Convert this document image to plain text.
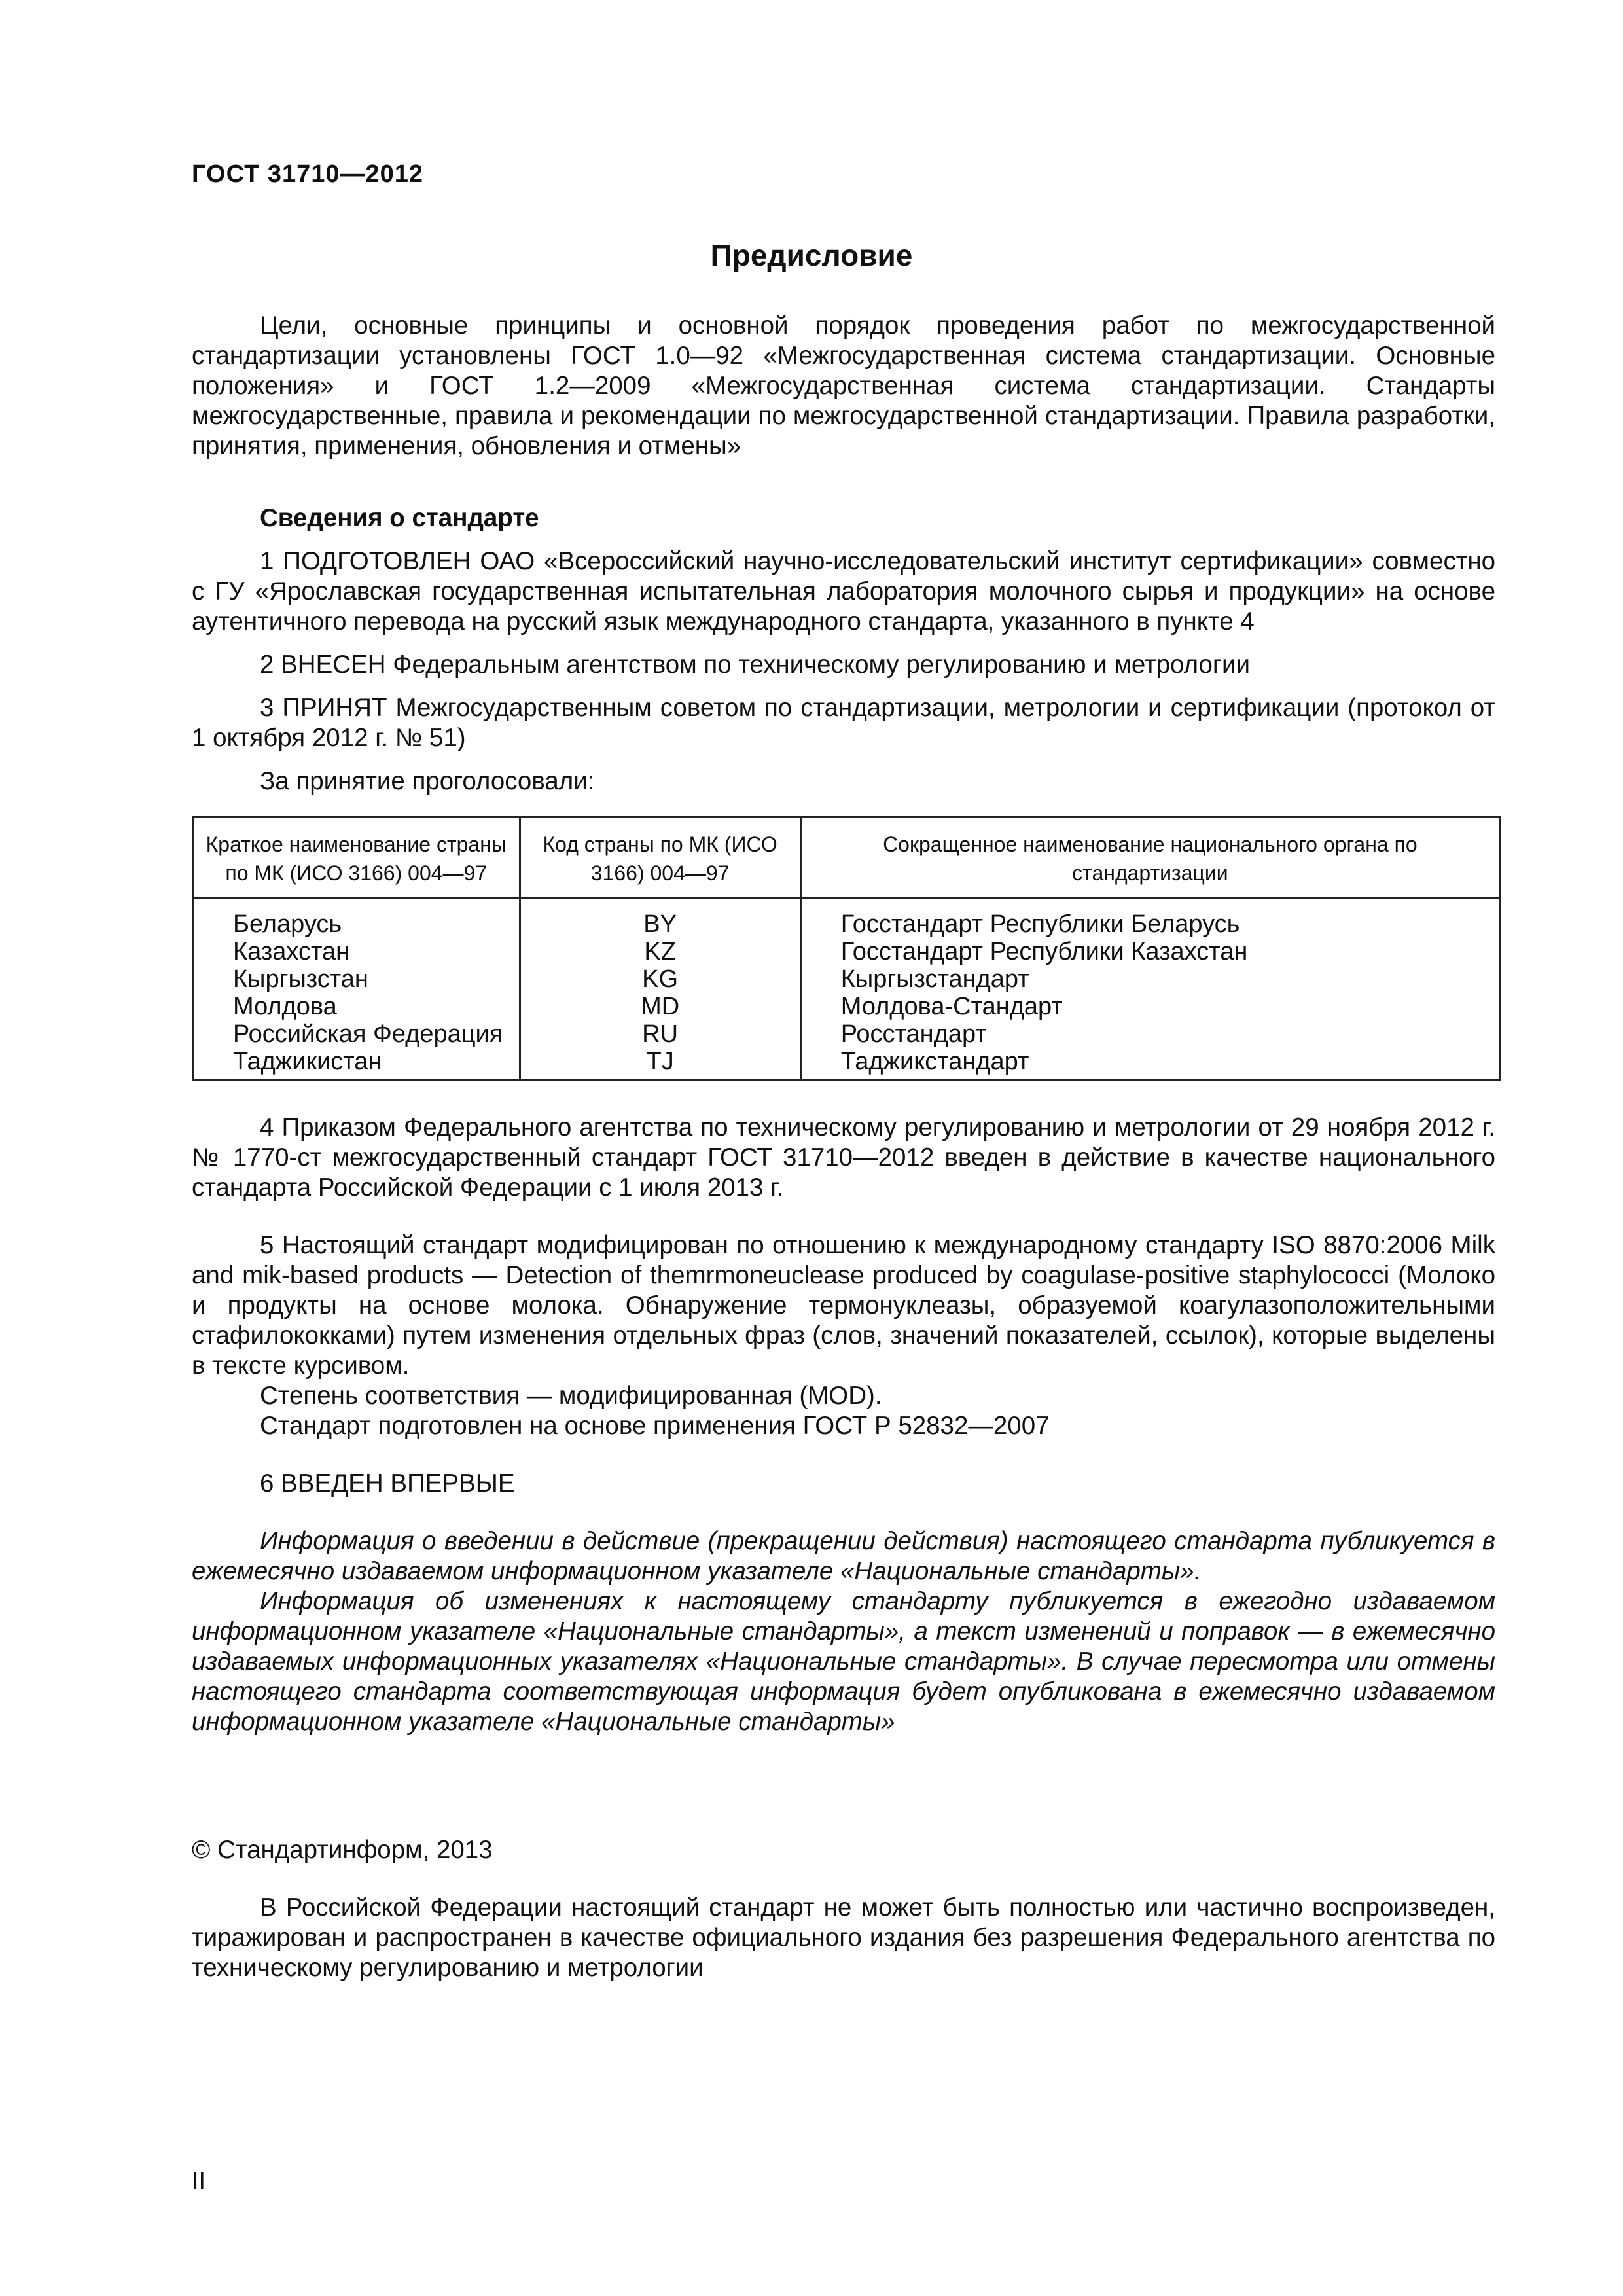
ГОСТ 31710—2012
Предисловие

Цели, основные принципы и основной порядок проведения работ по межгосударственной стандартизации установлены ГОСТ 1.0—92 «Межгосударственная система стандартизации. Основные положения» и ГОСТ 1.2—2009 «Межгосударственная система стандартизации. Стандарты межгосударственные, правила и рекомендации по межгосударственной стандартизации. Правила разработки, принятия, применения, обновления и отмены»

Сведения о стандарте

1 ПОДГОТОВЛЕН ОАО «Всероссийский научно-исследовательский институт сертификации» совместно с ГУ «Ярославская государственная испытательная лаборатория молочного сырья и продукции» на основе аутентичного перевода на русский язык международного стандарта, указанного в пункте 4

2 ВНЕСЕН Федеральным агентством по техническому регулированию и метрологии

3 ПРИНЯТ Межгосударственным советом по стандартизации, метрологии и сертификации (протокол от 1 октября 2012 г. № 51)

За принятие проголосовали:

Краткое наименование страны по МК (ИСО 3166) 004—97	Код страны по МК (ИСО 3166) 004—97	Сокращенное наименование национального органа по стандартизации
Беларусь	BY	Госстандарт Республики Беларусь
Казахстан	KZ	Госстандарт Республики Казахстан
Кыргызстан	KG	Кыргызстандарт
Молдова	MD	Молдова-Стандарт
Российская Федерация	RU	Росстандарт
Таджикистан	TJ	Таджикстандарт

4 Приказом Федерального агентства по техническому регулированию и метрологии от 29 ноября 2012 г. № 1770-ст межгосударственный стандарт ГОСТ 31710—2012 введен в действие в качестве национального стандарта Российской Федерации с 1 июля 2013 г.

5 Настоящий стандарт модифицирован по отношению к международному стандарту ISO 8870:2006 Milk and mik-based products — Detection of themrmoneuclease produced by coagulase-positive staphylococci (Молоко и продукты на основе молока. Обнаружение термонуклеазы, образуемой коагулазоположительными стафилококками) путем изменения отдельных фраз (слов, значений показателей, ссылок), которые выделены в тексте курсивом.

Степень соответствия — модифицированная (MOD).

Стандарт подготовлен на основе применения ГОСТ Р 52832—2007

6 ВВЕДЕН ВПЕРВЫЕ

Информация о введении в действие (прекращении действия) настоящего стандарта публикуется в ежемесячно издаваемом информационном указателе «Национальные стандарты».

Информация об изменениях к настоящему стандарту публикуется в ежегодно издаваемом информационном указателе «Национальные стандарты», а текст изменений и поправок — в ежемесячно издаваемых информационных указателях «Национальные стандарты». В случае пересмотра или отмены настоящего стандарта соответствующая информация будет опубликована в ежемесячно издаваемом информационном указателе «Национальные стандарты»

© Стандартинформ, 2013

В Российской Федерации настоящий стандарт не может быть полностью или частично воспроизведен, тиражирован и распространен в качестве официального издания без разрешения Федерального агентства по техническому регулированию и метрологии

II
